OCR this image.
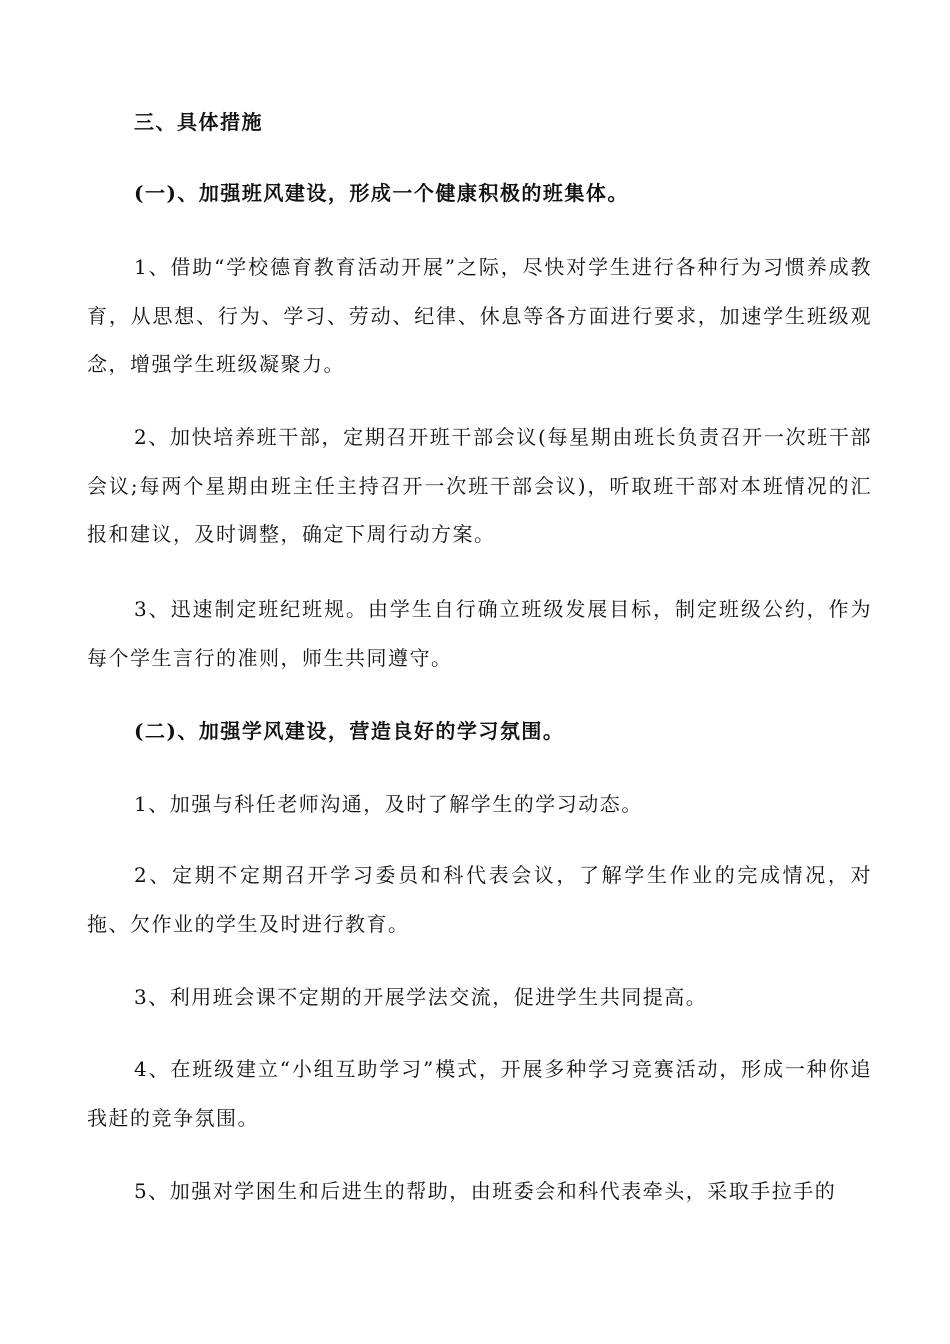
三、具体措施

(一)、加强班风建设，形成一个健康积极的班集体。

1、借助“学校德育教育活动开展”之际，尽快对学生进行各种行为习惯养成教育，从思想、行为、学习、劳动、纪律、休息等各方面进行要求，加速学生班级观念，增强学生班级凝聚力。

2、加快培养班干部，定期召开班干部会议(每星期由班长负责召开一次班干部会议;每两个星期由班主任主持召开一次班干部会议)，听取班干部对本班情况的汇报和建议，及时调整，确定下周行动方案。

3、迅速制定班纪班规。由学生自行确立班级发展目标，制定班级公约，作为每个学生言行的准则，师生共同遵守。

(二)、加强学风建设，营造良好的学习氛围。

1、加强与科任老师沟通，及时了解学生的学习动态。

2、定期不定期召开学习委员和科代表会议，了解学生作业的完成情况，对拖、欠作业的学生及时进行教育。

3、利用班会课不定期的开展学法交流，促进学生共同提高。

4、在班级建立“小组互助学习”模式，开展多种学习竞赛活动，形成一种你追我赶的竞争氛围。

5、加强对学困生和后进生的帮助，由班委会和科代表牵头，采取手拉手的
